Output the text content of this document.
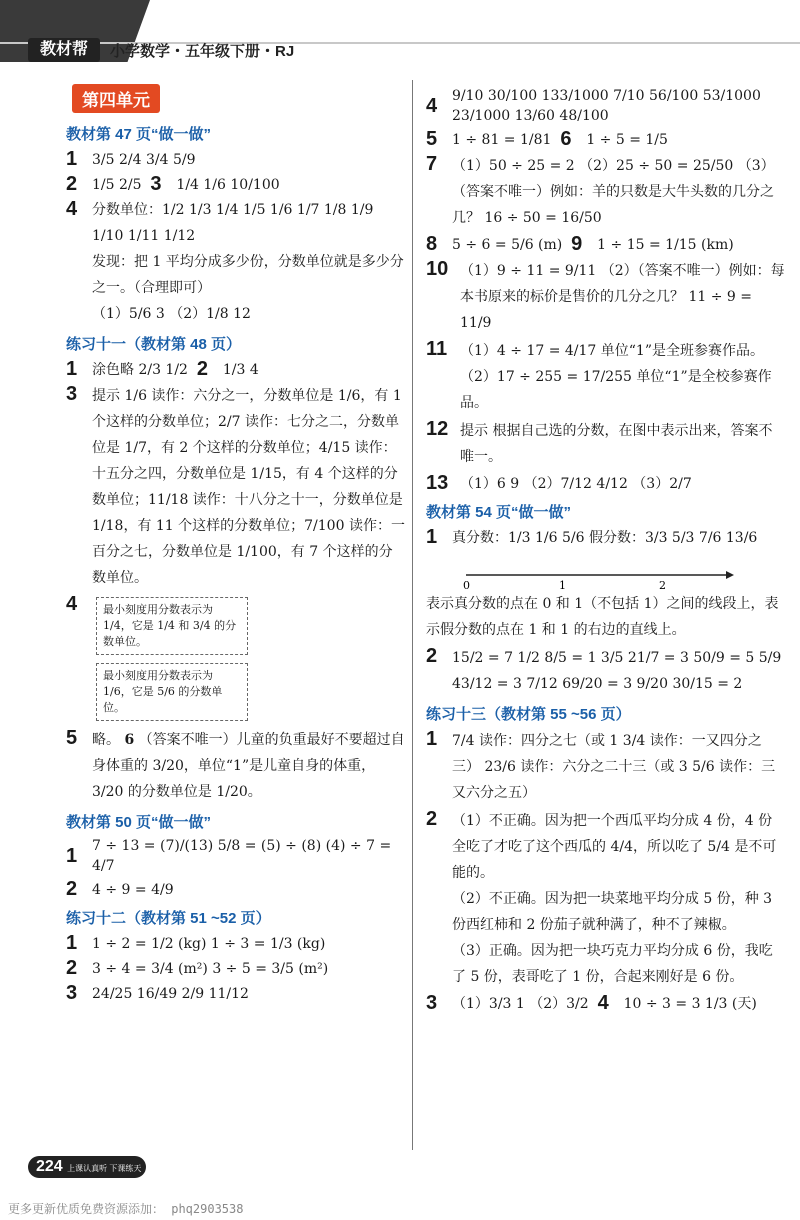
教材帮	小学数学・五年级下册・RJ
第四单元
教材第 47 页“做一做”
1	3/5 2/4 3/4 5/9
2	1/5 2/5
3	1/4 1/6 10/100
4	分数单位： 1/2 1/3 1/4 1/5 1/6 1/7 1/8 1/9
1/10 1/11 1/12
发现：把 1 平均分成多少份，分数单位就是多少分之一。（合理即可）
（1）5/6 3 （2）1/8 12
练习十一（教材第 48 页）
1	涂色略 2/3 1/2
2	1/3 4
3	提示 1/6 读作：六分之一，分数单位是 1/6，有 1 个这样的分数单位；2/7 读作：七分之二，分数单位是 1/7，有 2 个这样的分数单位；4/15 读作：十五分之四，分数单位是 1/15，有 4 个这样的分数单位；11/18 读作：十八分之十一，分数单位是 1/18，有 11 个这样的分数单位；7/100 读作：一百分之七，分数单位是 1/100，有 7 个这样的分数单位。
4	最小刻度用分数表示为 1/4，它是 1/4 和 3/4 的分数单位。最小刻度用分数表示为 1/6，它是 5/6 的分数单位。
5	略。 6 （答案不唯一）儿童的负重最好不要超过自身体重的 3/20，单位“1”是儿童自身的体重，3/20 的分数单位是 1/20。
教材第 50 页“做一做”
1	7 ÷ 13 = (7)/(13) 5/8 = (5) ÷ (8) (4) ÷ 7 = 4/7
2	4 ÷ 9 = 4/9
练习十二（教材第 51 ~52 页）
1	1 ÷ 2 = 1/2 (kg) 1 ÷ 3 = 1/3 (kg)
2	3 ÷ 4 = 3/4 (m²) 3 ÷ 5 = 3/5 (m²)
3	24/25 16/49 2/9 11/12
4	9/10 30/100 133/1000 7/10 56/100 53/1000 23/1000 13/60 48/100
5	1 ÷ 81 = 1/81
6	1 ÷ 5 = 1/5
7	（1）50 ÷ 25 = 2 （2）25 ÷ 50 = 25/50 （3）（答案不唯一）例如：羊的只数是大牛头数的几分之几？ 16 ÷ 50 = 16/50
8	5 ÷ 6 = 5/6 (m)
9	1 ÷ 15 = 1/15 (km)
10 （1）9 ÷ 11 = 9/11 （2）（答案不唯一）例如：每本书原来的标价是售价的几分之几？ 11 ÷ 9 = 11/9
11 （1）4 ÷ 17 = 4/17 单位“1”是全班参赛作品。
（2）17 ÷ 255 = 17/255 单位“1”是全校参赛作品。
12 提示 根据自己选的分数，在图中表示出来，答案不唯一。
13 （1）6 9 （2）7/12 4/12 （3）2/7
教材第 54 页“做一做”
1	真分数：1/3 1/6 5/6 假分数：3/3 5/3 7/6 13/6
0	1	2
表示真分数的点在 0 和 1（不包括 1）之间的线段上，表示假分数的点在 1 和 1 的右边的直线上。
2	15/2 = 7 1/2 8/5 = 1 3/5 21/7 = 3 50/9 = 5 5/9 43/12 = 3 7/12 69/20 = 3 9/20 30/15 = 2
练习十三（教材第 55 ~56 页）
1	7/4 读作：四分之七（或 1 3/4 读作：一又四分之三） 23/6 读作：六分之二十三（或 3 5/6 读作：三又六分之五）
2	（1）不正确。因为把一个西瓜平均分成 4 份，4 份全吃了才吃了这个西瓜的 4/4，所以吃了 5/4 是不可能的。
（2）不正确。因为把一块菜地平均分成 5 份，种 3 份西红柿和 2 份茄子就种满了，种不了辣椒。
（3）正确。因为把一块巧克力平均分成 6 份，我吃了 5 份，表哥吃了 1 份，合起来刚好是 6 份。
3	（1）3/3 1 （2）3/2
4	10 ÷ 3 = 3 1/3 (天)
224 上课认真听 下课练天度
更多更新优质免费资源添加： phq2903538
